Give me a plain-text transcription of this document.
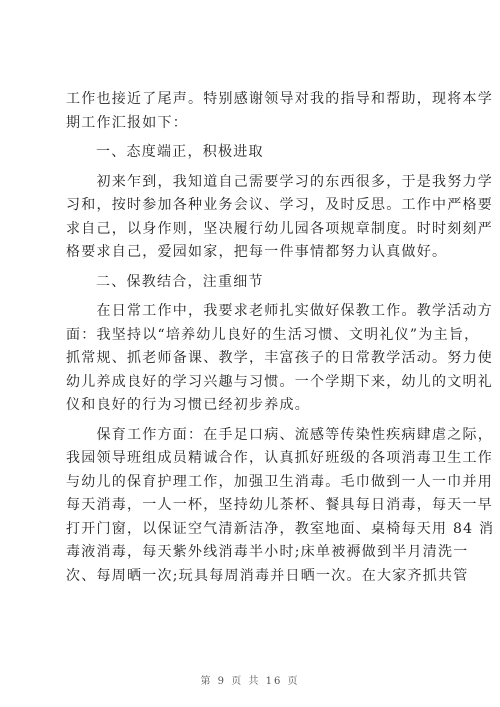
工作也接近了尾声。特别感谢领导对我的指导和帮助，现将本学
期工作汇报如下：

一、态度端正，积极进取

　　初来乍到，我知道自己需要学习的东西很多，于是我努力学
习和，按时参加各种业务会议、学习，及时反思。工作中严格要
求自己，以身作则，坚决履行幼儿园各项规章制度。时时刻刻严
格要求自己，爱园如家，把每一件事情都努力认真做好。

二、保教结合，注重细节

　　在日常工作中，我要求老师扎实做好保教工作。教学活动方
面：我坚持以“培养幼儿良好的生活习惯、文明礼仪”为主旨，
抓常规、抓老师备课、教学，丰富孩子的日常教学活动。努力使
幼儿养成良好的学习兴趣与习惯。一个学期下来，幼儿的文明礼
仪和良好的行为习惯已经初步养成。

　　保育工作方面：在手足口病、流感等传染性疾病肆虐之际，
我园领导班组成员精诚合作，认真抓好班级的各项消毒卫生工作
与幼儿的保育护理工作，加强卫生消毒。毛巾做到一人一巾并用
每天消毒，一人一杯，坚持幼儿茶杯、餐具每日消毒，每天一早
打开门窗，以保证空气清新洁净，教室地面、桌椅每天用 84 消
毒液消毒，每天紫外线消毒半小时;床单被褥做到半月清洗一
次、每周晒一次;玩具每周消毒并日晒一次。在大家齐抓共管

第 9 页 共 16 页
